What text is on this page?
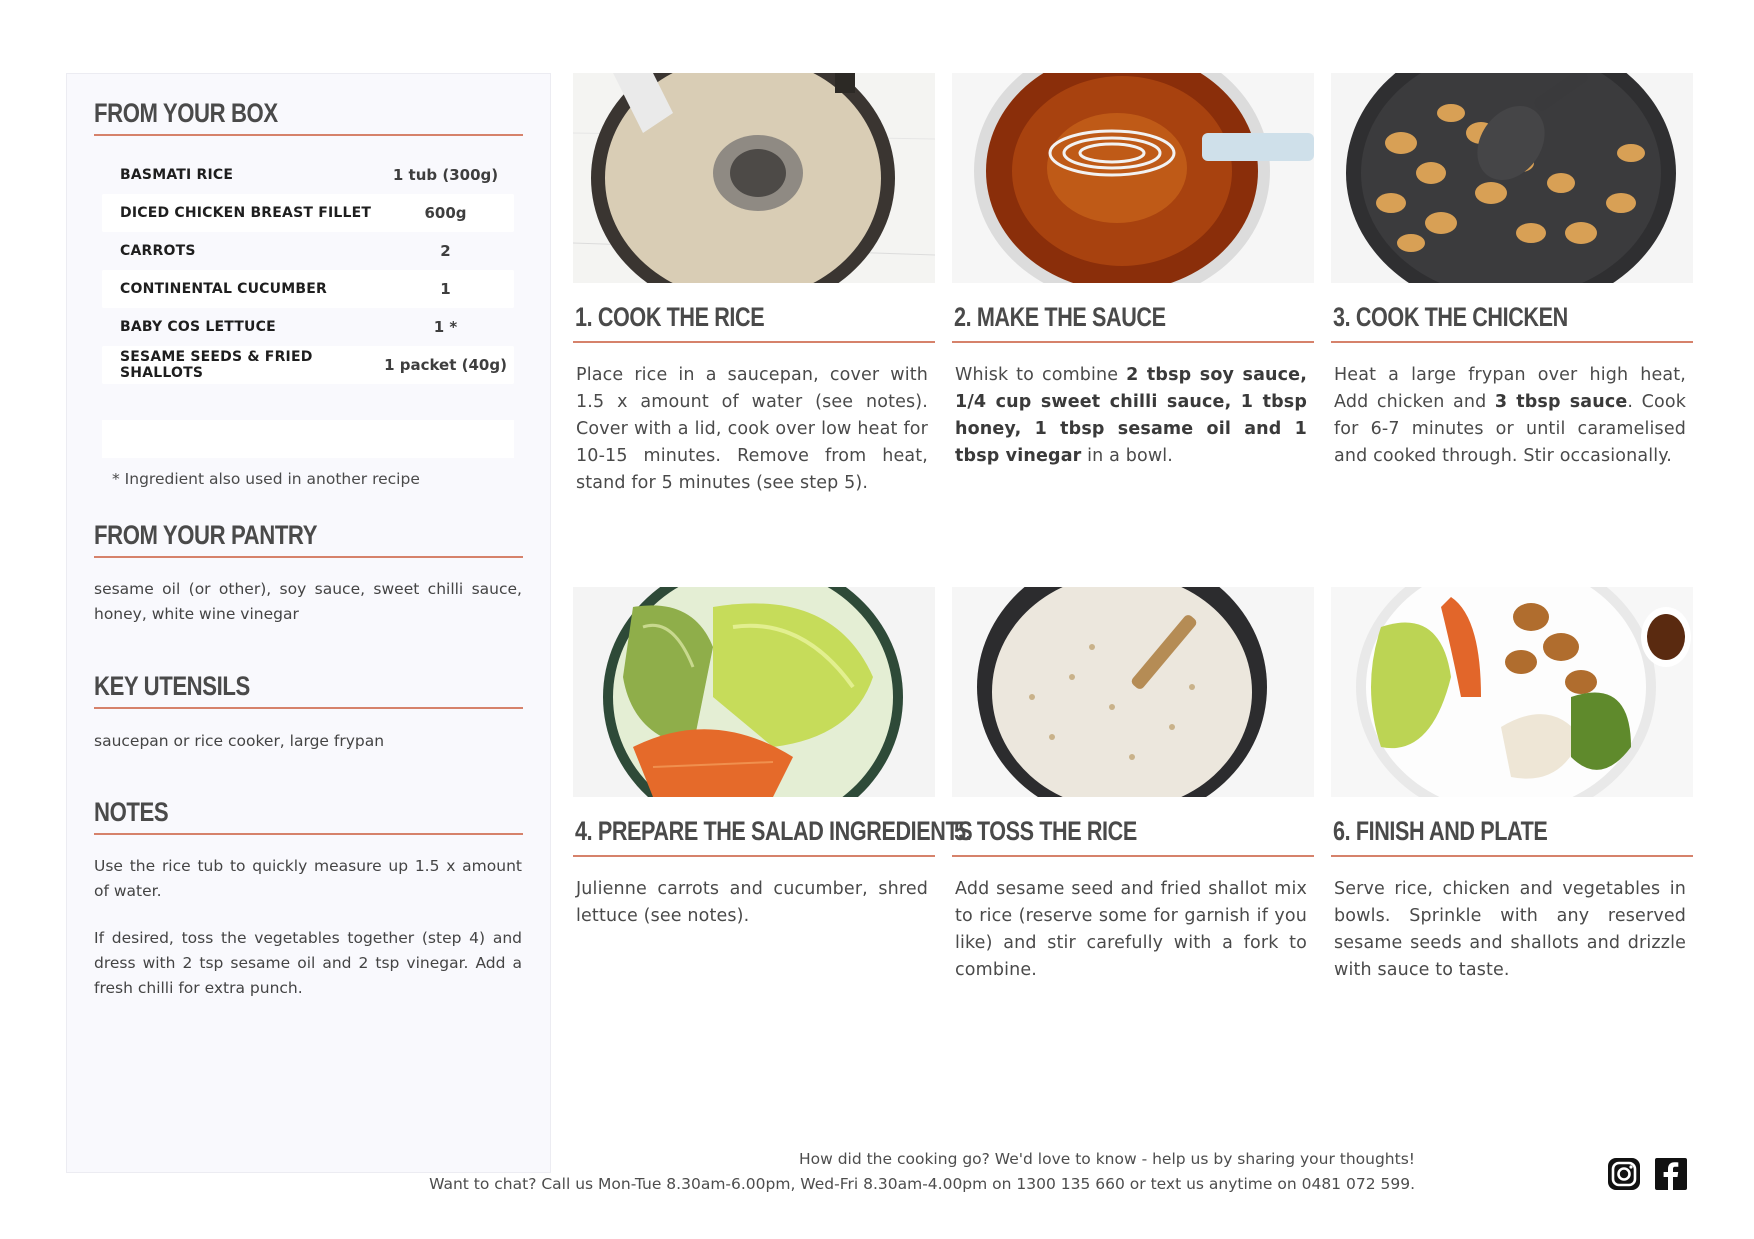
FROM YOUR BOX
BASMATI RICE	1 tub (300g)
DICED CHICKEN BREAST FILLET	600g
CARROTS	2
CONTINENTAL CUCUMBER	1
BABY COS LETTUCE	1 *
SESAME SEEDS & FRIED SHALLOTS	1 packet (40g)
* Ingredient also used in another recipe
FROM YOUR PANTRY
sesame oil (or other), soy sauce, sweet chilli sauce, honey, white wine vinegar
KEY UTENSILS
saucepan or rice cooker, large frypan
NOTES
Use the rice tub to quickly measure up 1.5 x amount of water.
If desired, toss the vegetables together (step 4) and dress with 2 tsp sesame oil and 2 tsp vinegar. Add a fresh chilli for extra punch.
1. COOK THE RICE
Place rice in a saucepan, cover with 1.5 x amount of water (see notes). Cover with a lid, cook over low heat for 10-15 minutes. Remove from heat, stand for 5 minutes (see step 5).
2. MAKE THE SAUCE
Whisk to combine 2 tbsp soy sauce, 1/4 cup sweet chilli sauce, 1 tbsp honey, 1 tbsp sesame oil and 1 tbsp vinegar in a bowl.
3. COOK THE CHICKEN
Heat a large frypan over high heat, Add chicken and 3 tbsp sauce. Cook for 6-7 minutes or until caramelised and cooked through. Stir occasionally.
4. PREPARE THE SALAD INGREDIENTS
Julienne carrots and cucumber, shred lettuce (see notes).
5. TOSS THE RICE
Add sesame seed and fried shallot mix to rice (reserve some for garnish if you like) and stir carefully with a fork to combine.
6. FINISH AND PLATE
Serve rice, chicken and vegetables in bowls. Sprinkle with any reserved sesame seeds and shallots and drizzle with sauce to taste.
How did the cooking go? We'd love to know - help us by sharing your thoughts!
Want to chat? Call us Mon-Tue 8.30am-6.00pm, Wed-Fri 8.30am-4.00pm on 1300 135 660 or text us anytime on 0481 072 599.
